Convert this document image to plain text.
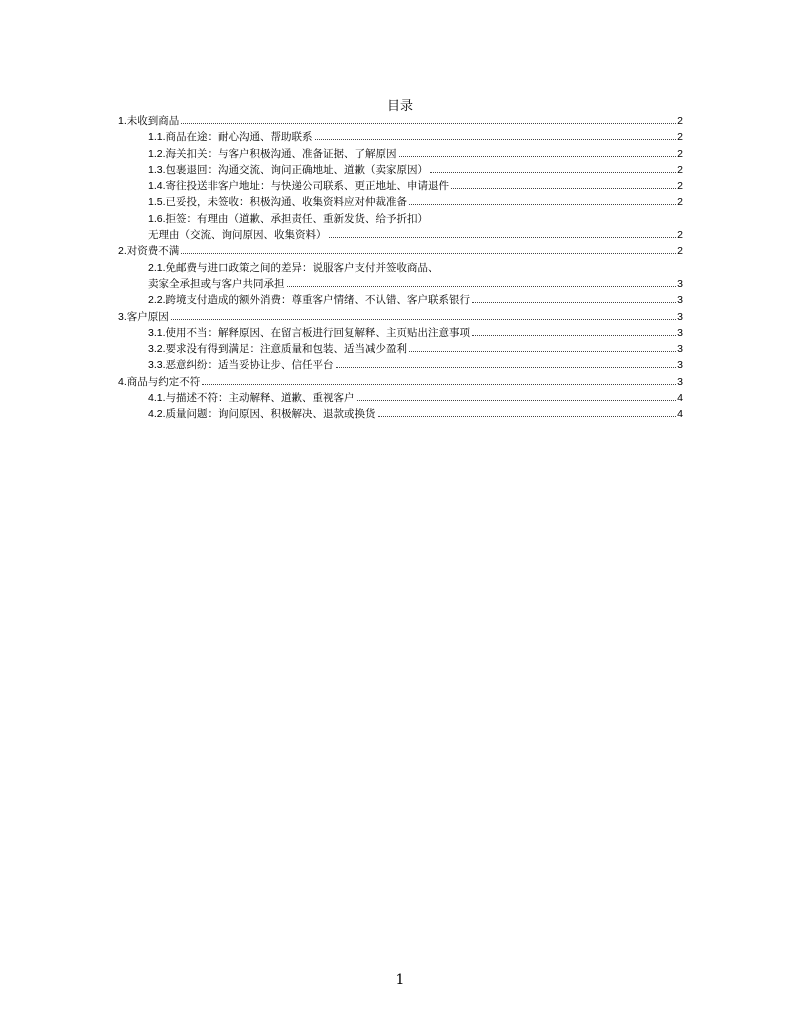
目录
1. 未收到商品	2
1.1. 商品在途：耐心沟通、帮助联系	2
1.2. 海关扣关：与客户积极沟通、准备证据、了解原因	2
1.3. 包裹退回：沟通交流、询问正确地址、道歉（卖家原因）	2
1.4. 寄往投送非客户地址：与快递公司联系、更正地址、申请退件	2
1.5. 已妥投，未签收：积极沟通、收集资料应对仲裁准备	2
1.6. 拒签：有理由（道歉、承担责任、重新发货、给予折扣）
无理由（交流、询问原因、收集资料）	2
2. 对资费不满	2
2.1. 免邮费与进口政策之间的差异：说服客户支付并签收商品、
卖家全承担或与客户共同承担	3
2.2. 跨境支付造成的额外消费：尊重客户情绪、不认错、客户联系银行	3
3. 客户原因	3
3.1. 使用不当：解释原因、在留言板进行回复解释、主页贴出注意事项	3
3.2. 要求没有得到满足：注意质量和包装、适当减少盈利	3
3.3. 恶意纠纷：适当妥协让步、信任平台	3
4. 商品与约定不符	3
4.1. 与描述不符：主动解释、道歉、重视客户	4
4.2. 质量问题：询问原因、积极解决、退款或换货	4
1
